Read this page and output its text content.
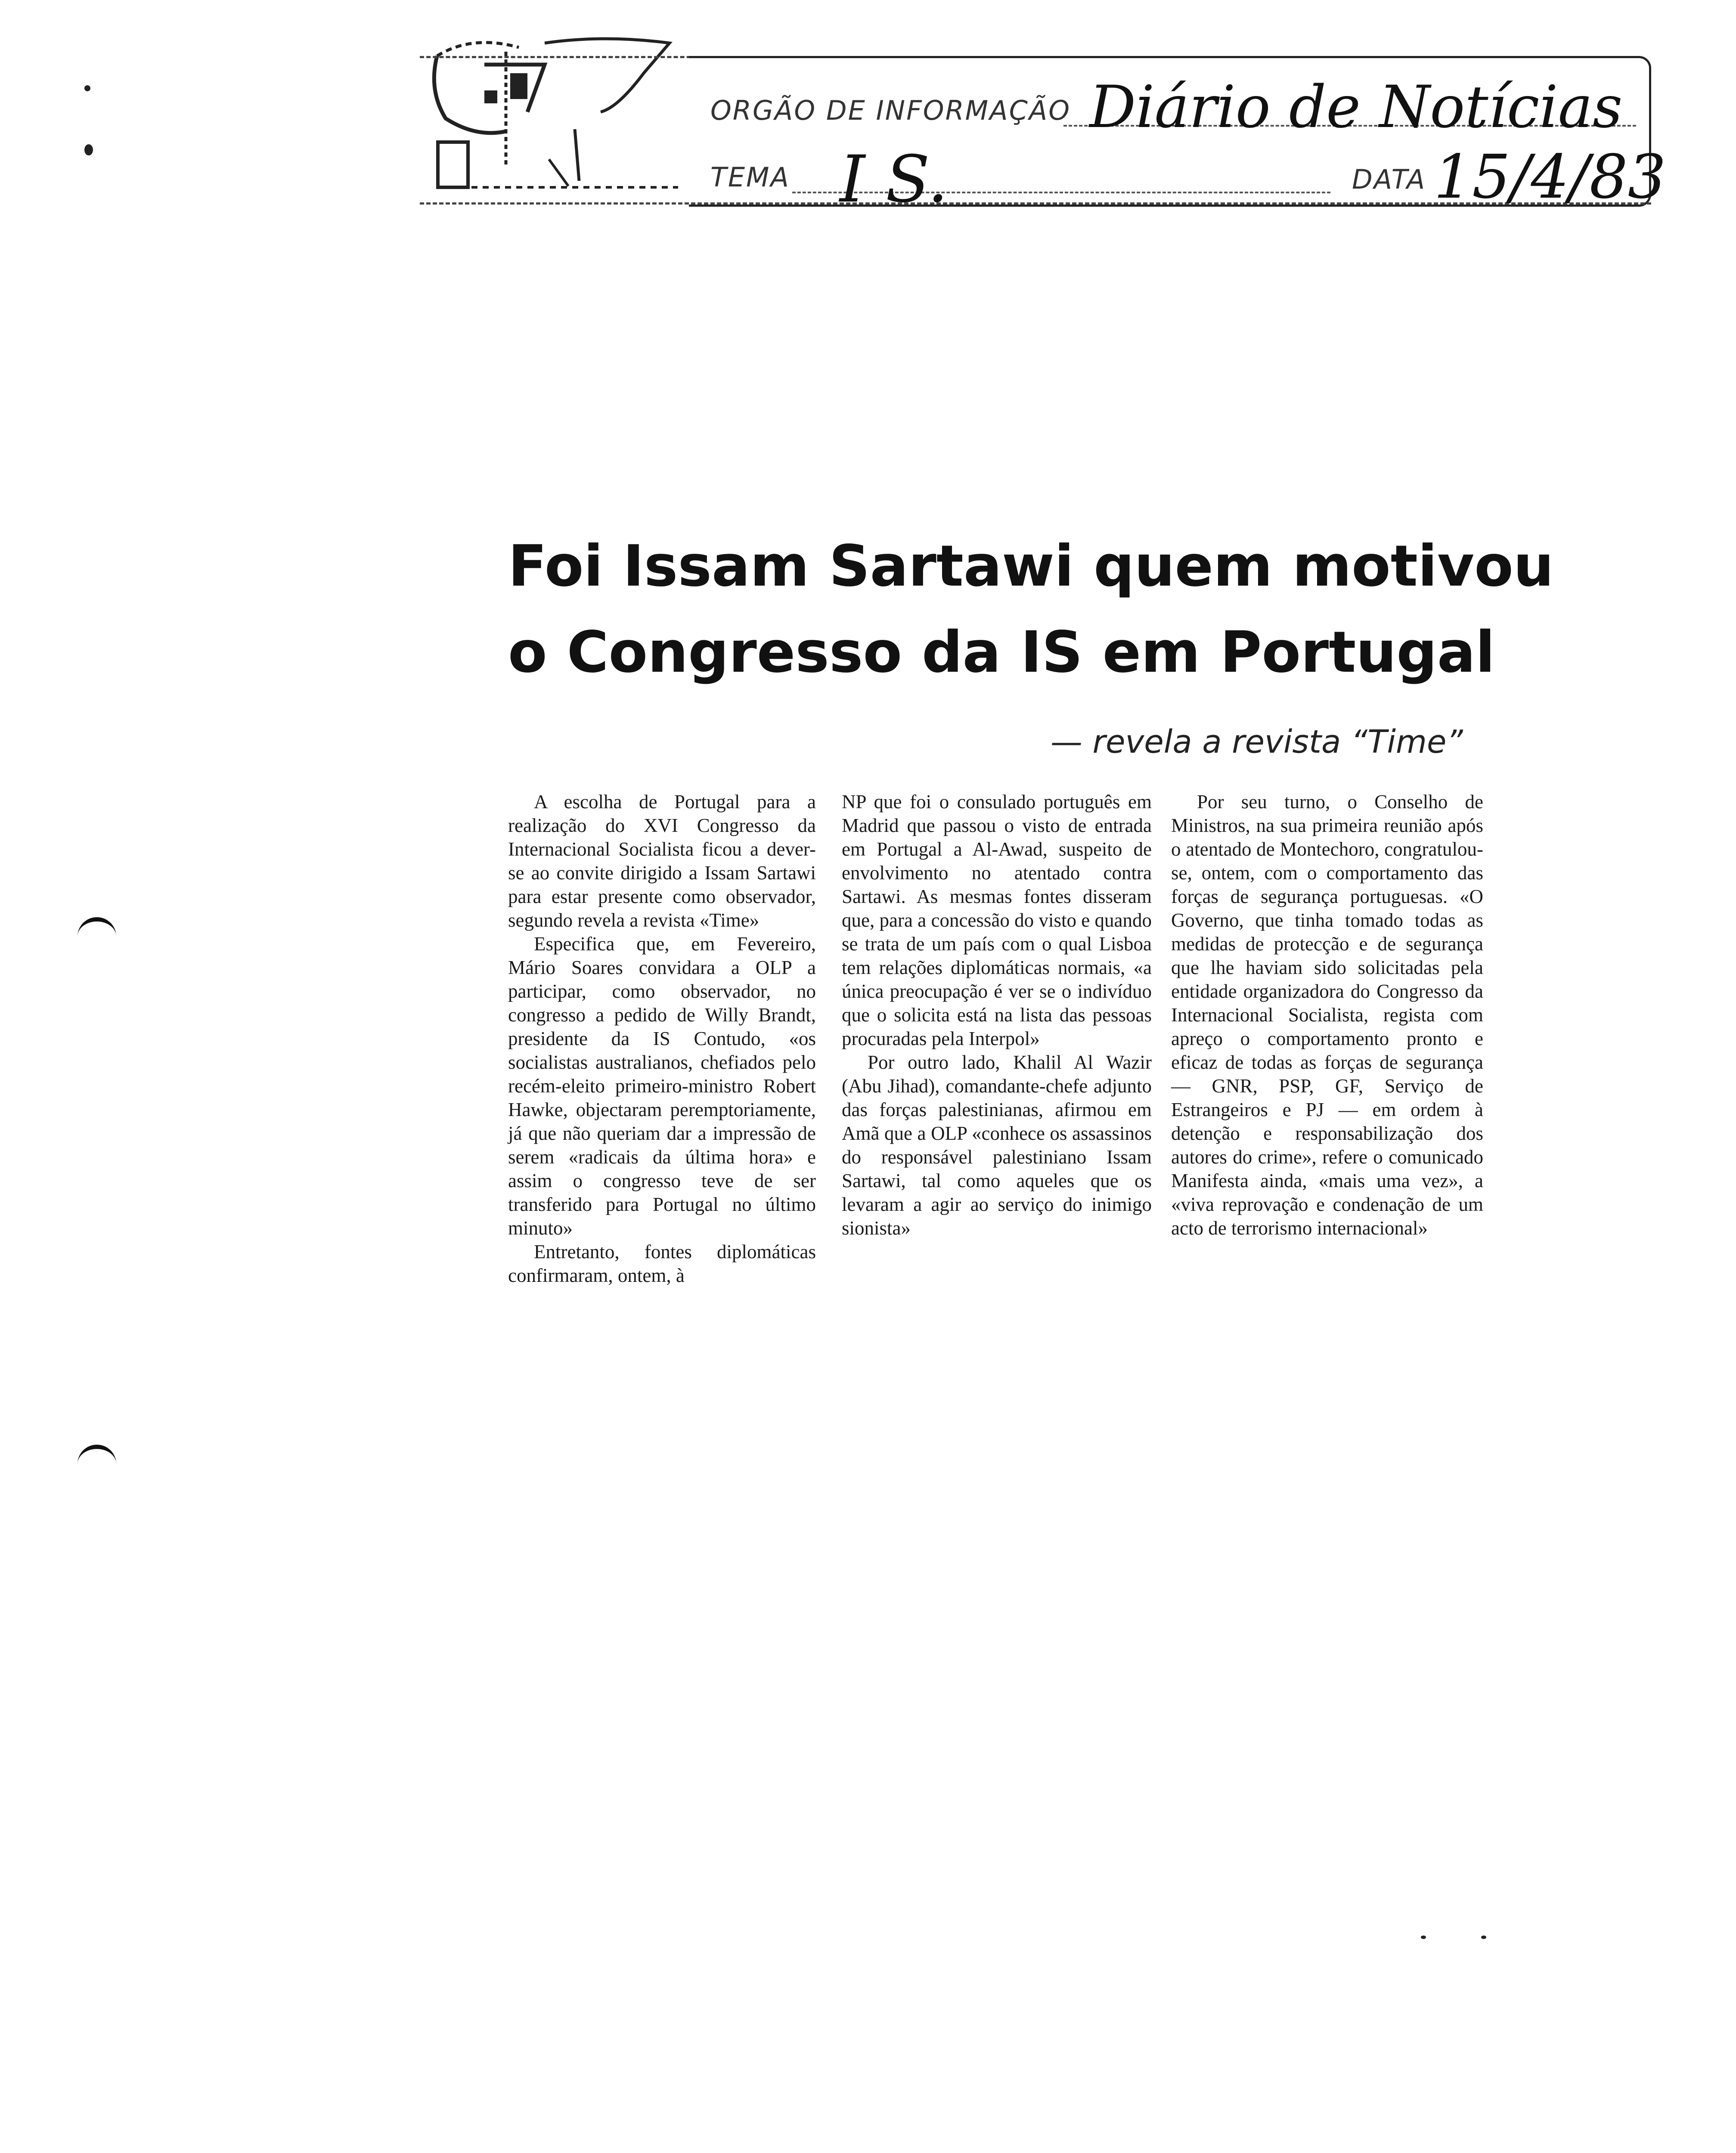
ORGÃO DE INFORMAÇÃO Diário de Notícias
TEMA I S.	DATA 15/4/83
Foi Issam Sartawi quem motivou
o Congresso da IS em Portugal
— revela a revista “Time”

A escolha de Portugal para a realização do XVI Congresso da Internacional Socialista ficou a dever-se ao convite dirigido a Issam Sartawi para estar presente como observador, segundo revela a revista «Time»

Especifica que, em Fevereiro, Mário Soares convidara a OLP a participar, como observador, no congresso a pedido de Willy Brandt, presidente da IS Contudo, «os socialistas australianos, chefiados pelo recém-eleito primeiro-ministro Robert Hawke, objectaram peremptoriamente, já que não queriam dar a impressão de serem «radicais da última hora» e assim o congresso teve de ser transferido para Portugal no último minuto»

Entretanto, fontes diplomáticas confirmaram, ontem, à

NP que foi o consulado português em Madrid que passou o visto de entrada em Portugal a Al-Awad, suspeito de envolvimento no atentado contra Sartawi. As mesmas fontes disseram que, para a concessão do visto e quando se trata de um país com o qual Lisboa tem relações diplomáticas normais, «a única preocupação é ver se o indivíduo que o solicita está na lista das pessoas procuradas pela Interpol»

Por outro lado, Khalil Al Wazir (Abu Jihad), comandante-chefe adjunto das forças palestinianas, afirmou em Amã que a OLP «conhece os assassinos do responsável palestiniano Issam Sartawi, tal como aqueles que os levaram a agir ao serviço do inimigo sionista»

Por seu turno, o Conselho de Ministros, na sua primeira reunião após o atentado de Montechoro, congratulou-se, ontem, com o comportamento das forças de segurança portuguesas. «O Governo, que tinha tomado todas as medidas de protecção e de segurança que lhe haviam sido solicitadas pela entidade organizadora do Congresso da Internacional Socialista, regista com apreço o comportamento pronto e eficaz de todas as forças de segurança — GNR, PSP, GF, Serviço de Estrangeiros e PJ — em ordem à detenção e responsabilização dos autores do crime», refere o comunicado Manifesta ainda, «mais uma vez», a «viva reprovação e condenação de um acto de terrorismo internacional»
